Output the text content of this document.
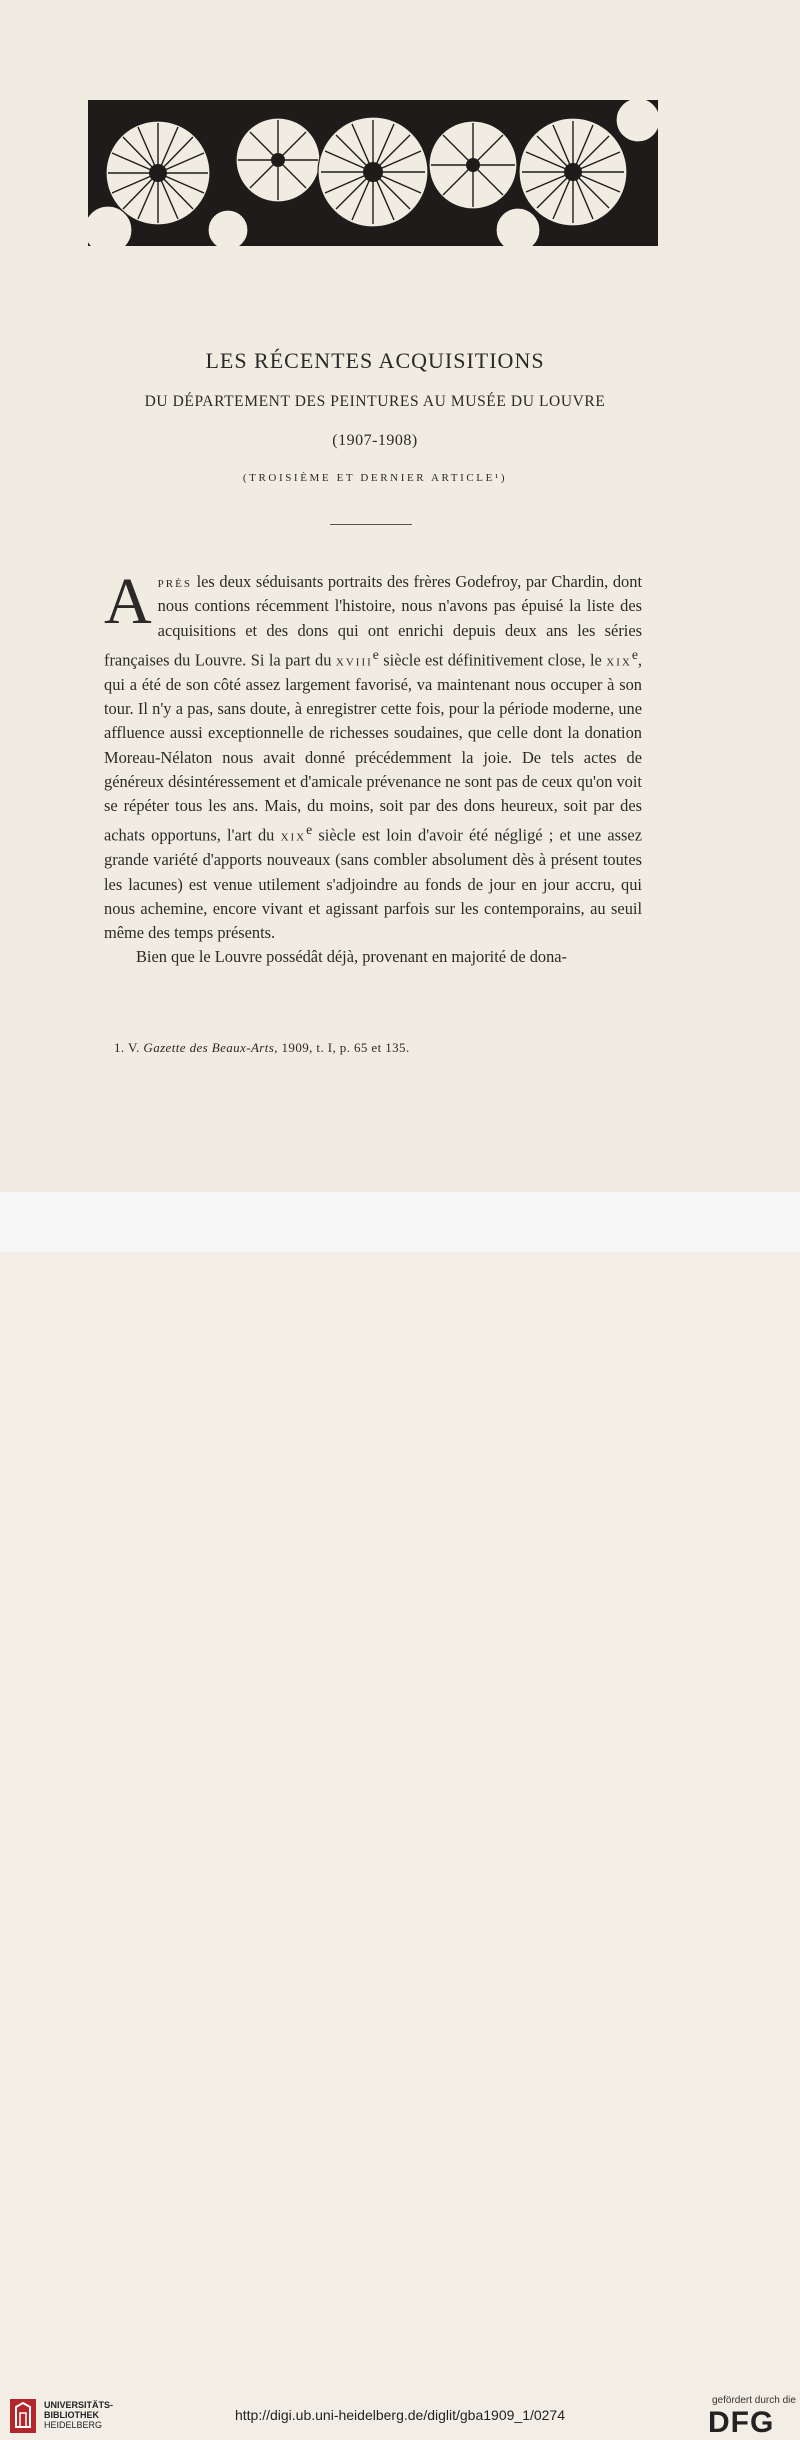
LES RÉCENTES ACQUISITIONS
DU DÉPARTEMENT DES PEINTURES AU MUSÉE DU LOUVRE
(1907-1908)
(TROISIÈME ET DERNIER ARTICLE¹)

Après les deux séduisants portraits des frères Godefroy, par Chardin, dont nous contions récemment l'histoire, nous n'avons pas épuisé la liste des acquisitions et des dons qui ont enrichi depuis deux ans les séries françaises du Louvre. Si la part du xviii$^e$ siècle est définitivement close, le xix$^e$, qui a été de son côté assez largement favorisé, va maintenant nous occuper à son tour. Il n'y a pas, sans doute, à enregistrer cette fois, pour la période moderne, une affluence aussi exceptionnelle de richesses soudaines, que celle dont la donation Moreau-Nélaton nous avait donné précédemment la joie. De tels actes de généreux désintéressement et d'amicale prévenance ne sont pas de ceux qu'on voit se répéter tous les ans. Mais, du moins, soit par des dons heureux, soit par des achats opportuns, l'art du xix$^e$ siècle est loin d'avoir été négligé ; et une assez grande variété d'apports nouveaux (sans combler absolument dès à présent toutes les lacunes) est venue utilement s'adjoindre au fonds de jour en jour accru, qui nous achemine, encore vivant et agissant parfois sur les contemporains, au seuil même des temps présents.

Bien que le Louvre possédât déjà, provenant en majorité de dona-

1. V. Gazette des Beaux-Arts, 1909, t. I, p. 65 et 135.
UNIVERSITÄTS-
BIBLIOTHEK
HEIDELBERG
http://digi.ub.uni-heidelberg.de/diglit/gba1909_1/0274
gefördert durch die
DFG
